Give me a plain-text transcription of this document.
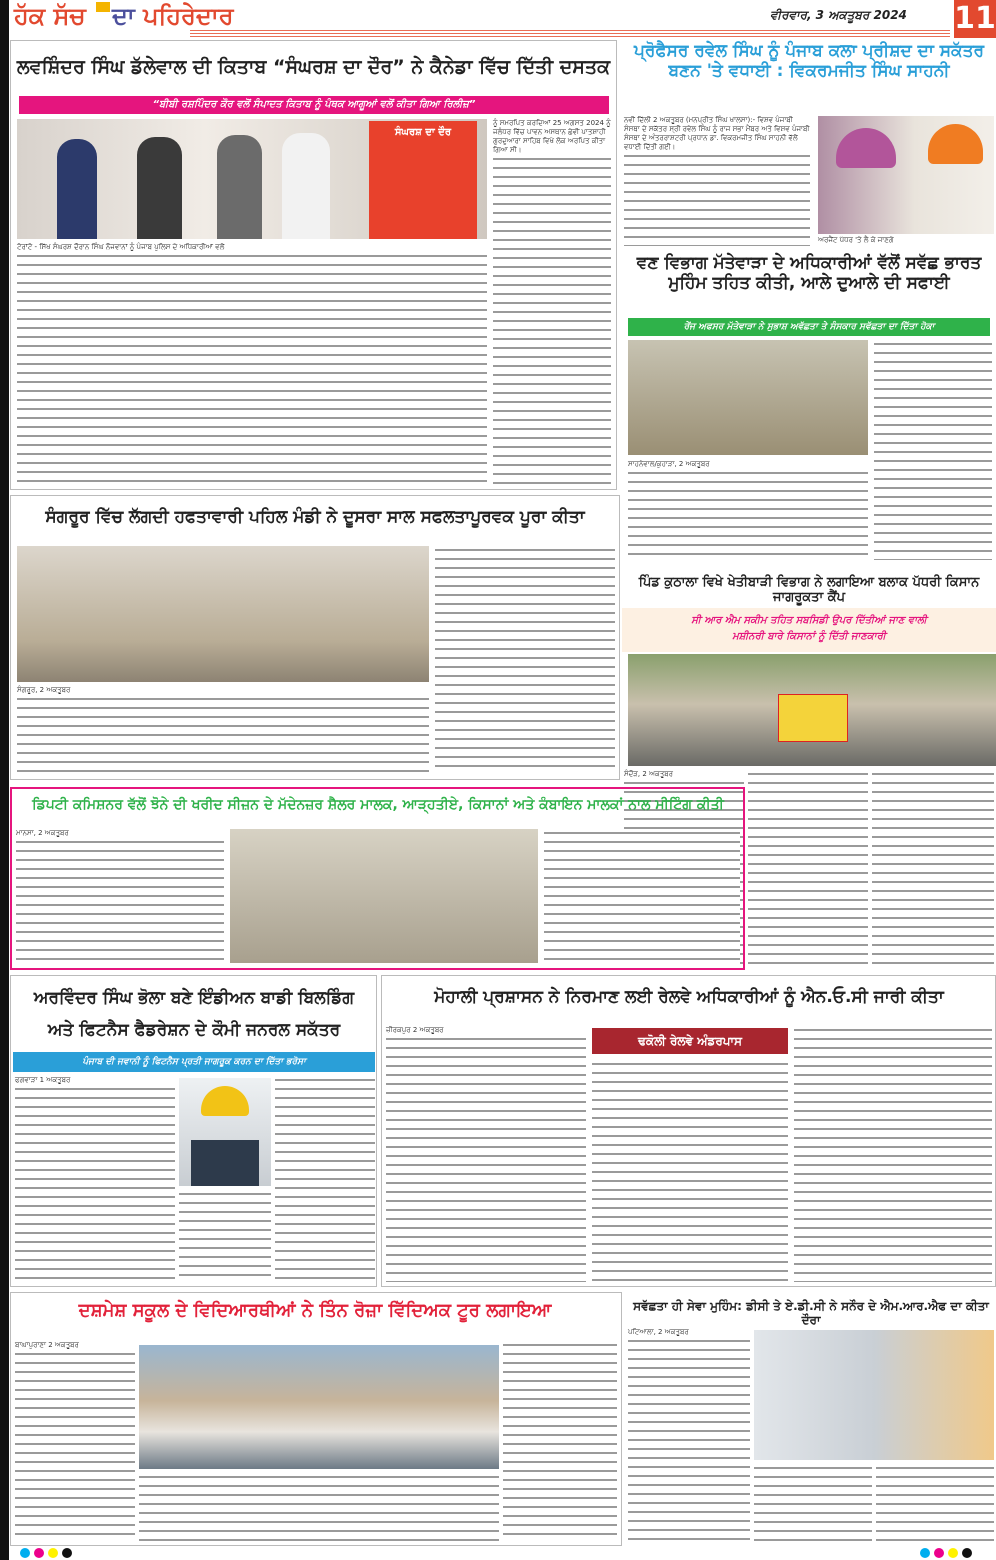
ਹੱਕ ਸੱਚ ਦਾ ਪਹਿਰੇਦਾਰ	ਵੀਰਵਾਰ, 3 ਅਕਤੂਬਰ 2024 11
ਲਵਸ਼ਿੰਦਰ ਸਿੰਘ ਡੱਲੇਵਾਲ ਦੀ ਕਿਤਾਬ “ਸੰਘਰਸ਼ ਦਾ ਦੌਰ” ਨੇ ਕੈਨੇਡਾ ਵਿੱਚ ਦਿੱਤੀ ਦਸਤਕ
“ਬੀਬੀ ਰਸ਼ਪਿੰਦਰ ਕੌਰ ਵਲੋਂ ਸੰਪਾਦਤ ਕਿਤਾਬ ਨੂੰ ਪੰਥਕ ਆਗੂਆਂ ਵਲੋਂ ਕੀਤਾ ਗਿਆ ਰਿਲੀਜ਼”
ਸੰਘਰਸ਼ ਦਾ ਦੌਰ
ਨੂੰ ਸਮਰਪਿਤ ਕਰਦਿਆਂ 25 ਅਗਸਤ 2024 ਨੂੰ ਜਲੰਧਰ ਵਿੱਚ ਪਾਵਨ ਅਸਥਾਨ ਛੇਵੀਂ ਪਾਤਸ਼ਾਹੀ ਗੁਰਦੁਆਰਾ ਸਾਹਿਬ ਵਿਖੇ ਲੋਕ ਅਰਪਿਤ ਕੀਤਾ ਗਿਆ ਸੀ।
ਟੋਰਾਂਟੋ - ਸਿੱਖ ਸੰਘਰਸ਼ ਦੌਰਾਨ ਸਿੰਘ ਨੌਜਵਾਨਾਂ ਨੂੰ ਪੰਜਾਬ ਪੁਲਿਸ ਦੇ ਅਧਿਕਾਰੀਆਂ ਵਲੋਂ
ਪ੍ਰੋਫੈਸਰ ਰਵੇਲ ਸਿੰਘ ਨੂੰ ਪੰਜਾਬ ਕਲਾ ਪ੍ਰੀਸ਼ਦ ਦਾ ਸਕੱਤਰ ਬਣਨ 'ਤੇ ਵਧਾਈ : ਵਿਕਰਮਜੀਤ ਸਿੰਘ ਸਾਹਨੀ
ਨਵੀਂ ਦਿੱਲੀ 2 ਅਕਤੂਬਰ (ਮਨਪ੍ਰੀਤ ਸਿੰਘ ਖਾਲਸਾ):- ਵਿਸ਼ਵ ਪੰਜਾਬੀ ਸੰਸਥਾ ਦੇ ਸਕੱਤਰ ਸ੍ਰੀ ਰਵੇਲ ਸਿੰਘ ਨੂੰ ਰਾਜ ਸਭਾ ਮੈਂਬਰ ਅਤੇ ਵਿਸ਼ਵ ਪੰਜਾਬੀ ਸੰਸਥਾ ਦੇ ਅੰਤਰਰਾਸ਼ਟਰੀ ਪ੍ਰਧਾਨ ਡਾ. ਵਿਕਰਮਜੀਤ ਸਿੰਘ ਸਾਹਨੀ ਵੱਲੋਂ ਵਧਾਈ ਦਿੱਤੀ ਗਈ।
ਅਰਜੈਂਟ ਪੱਧਰ 'ਤੇ ਲੈ ਕੇ ਜਾਣਗੇ
ਵਣ ਵਿਭਾਗ ਮੱਤੇਵਾੜਾ ਦੇ ਅਧਿਕਾਰੀਆਂ ਵੱਲੋਂ ਸਵੱਛ ਭਾਰਤ ਮੁਹਿੰਮ ਤਹਿਤ ਕੀਤੀ, ਆਲੇ ਦੁਆਲੇ ਦੀ ਸਫਾਈ
ਰੇਂਜ ਅਫਸਰ ਮੱਤੇਵਾੜਾ ਨੇ ਸੁਭਾਸ਼ ਅਵੱਛਤਾ ਤੇ ਸੰਸਕਾਰ ਸਵੱਛਤਾ ਦਾ ਦਿੱਤਾ ਹੋਕਾ
ਸਾਹਨੇਵਾਲ/ਕੁਹਾੜਾ, 2 ਅਕਤੂਬਰ
ਸੰਗਰੂਰ ਵਿੱਚ ਲੱਗਦੀ ਹਫਤਾਵਾਰੀ ਪਹਿਲ ਮੰਡੀ ਨੇ ਦੂਸਰਾ ਸਾਲ ਸਫਲਤਾਪੂਰਵਕ ਪੂਰਾ ਕੀਤਾ
ਸੰਗਰੂਰ, 2 ਅਕਤੂਬਰ
ਪਿੰਡ ਕੁਠਾਲਾ ਵਿਖੇ ਖੇਤੀਬਾੜੀ ਵਿਭਾਗ ਨੇ ਲਗਾਇਆ ਬਲਾਕ ਪੱਧਰੀ ਕਿਸਾਨ ਜਾਗਰੂਕਤਾ ਕੈਂਪ
ਸੀ ਆਰ ਐਮ ਸਕੀਮ ਤਹਿਤ ਸਬਸਿਡੀ ਉਪਰ ਦਿੱਤੀਆਂ ਜਾਣ ਵਾਲੀ
ਮਸ਼ੀਨਰੀ ਬਾਰੇ ਕਿਸਾਨਾਂ ਨੂੰ ਦਿੱਤੀ ਜਾਣਕਾਰੀ
ਸੰਦੌੜ, 2 ਅਕਤੂਬਰ
ਡਿਪਟੀ ਕਮਿਸ਼ਨਰ ਵੱਲੋਂ ਝੋਨੇ ਦੀ ਖਰੀਦ ਸੀਜ਼ਨ ਦੇ ਮੱਦੇਨਜ਼ਰ ਸ਼ੈਲਰ ਮਾਲਕ, ਆੜ੍ਹਤੀਏ, ਕਿਸਾਨਾਂ ਅਤੇ ਕੰਬਾਇਨ ਮਾਲਕਾਂ ਨਾਲ ਮੀਟਿੰਗ ਕੀਤੀ
ਮਾਨਸਾ, 2 ਅਕਤੂਬਰ
ਅਰਵਿੰਦਰ ਸਿੰਘ ਭੋਲਾ ਬਣੇ ਇੰਡੀਅਨ ਬਾਡੀ ਬਿਲਡਿੰਗ
ਅਤੇ ਫਿਟਨੈਸ ਫੈਡਰੇਸ਼ਨ ਦੇ ਕੌਮੀ ਜਨਰਲ ਸਕੱਤਰ
ਪੰਜਾਬ ਦੀ ਜਵਾਨੀ ਨੂੰ ਫਿਟਨੈਸ ਪ੍ਰਤੀ ਜਾਗਰੂਕ ਕਰਨ ਦਾ ਦਿੱਤਾ ਭਰੋਸਾ
ਫਗਵਾੜਾ 1 ਅਕਤੂਬਰ
ਮੋਹਾਲੀ ਪ੍ਰਸ਼ਾਸਨ ਨੇ ਨਿਰਮਾਣ ਲਈ ਰੇਲਵੇ ਅਧਿਕਾਰੀਆਂ ਨੂੰ ਐਨ.ਓ.ਸੀ ਜਾਰੀ ਕੀਤਾ
ਜ਼ੀਰਕਪੁਰ 2 ਅਕਤੂਬਰ
ਢਕੋਲੀ ਰੇਲਵੇ ਅੰਡਰਪਾਸ
ਦਸ਼ਮੇਸ਼ ਸਕੂਲ ਦੇ ਵਿਦਿਆਰਥੀਆਂ ਨੇ ਤਿੰਨ ਰੋਜ਼ਾ ਵਿੱਦਿਅਕ ਟੂਰ ਲਗਾਇਆ
ਬਾਘਾਪੁਰਾਣਾ 2 ਅਕਤੂਬਰ
ਸਵੱਛਤਾ ਹੀ ਸੇਵਾ ਮੁਹਿੰਮ: ਡੀਸੀ ਤੇ ਏ.ਡੀ.ਸੀ ਨੇ ਸਨੌਰ ਦੇ ਐਮ.ਆਰ.ਐਫ ਦਾ ਕੀਤਾ ਦੌਰਾ
ਪਟਿਆਲਾ, 2 ਅਕਤੂਬਰ
